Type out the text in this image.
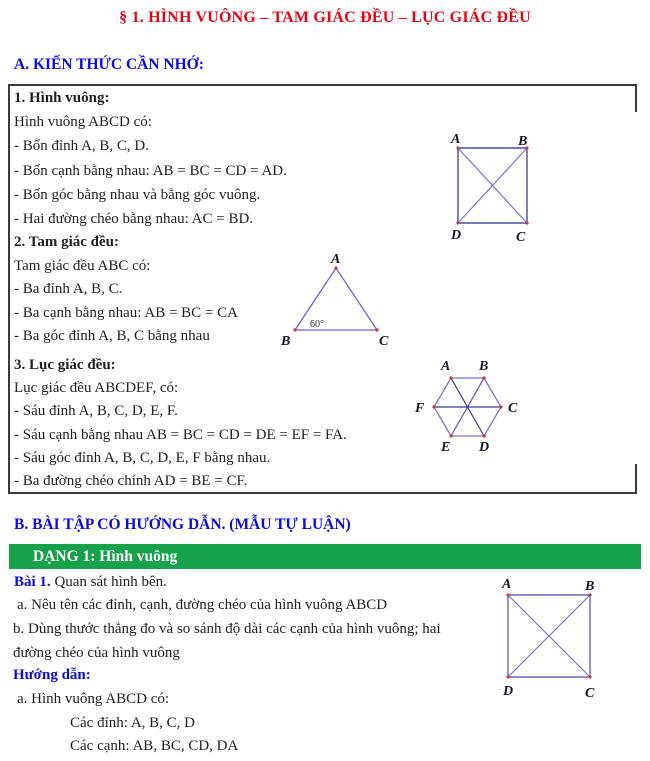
§ 1. HÌNH VUÔNG – TAM GIÁC ĐỀU – LỤC GIÁC ĐỀU
A. KIẾN THỨC CẦN NHỚ:
1. Hình vuông:
Hình vuông ABCD có:
- Bốn đỉnh A, B, C, D.
- Bốn cạnh bằng nhau: AB = BC = CD = AD.
- Bốn góc bằng nhau và bằng góc vuông.
- Hai đường chéo bằng nhau: AC = BD.
2. Tam giác đều:
Tam giác đều ABC có:
- Ba đỉnh A, B, C.
- Ba cạnh bằng nhau: AB = BC = CA
- Ba góc đỉnh A, B, C bằng nhau
3. Lục giác đều:
Lục giác đều ABCDEF, có:
- Sáu đỉnh A, B, C, D, E, F.
- Sáu cạnh bằng nhau AB = BC = CD = DE = EF = FA.
- Sáu góc đỉnh A, B, C, D, E, F bằng nhau.
- Ba đường chéo chính AD = BE = CF.
A	B
D	C
A
B	C
60°
A B
F	C
E D
B. BÀI TẬP CÓ HƯỚNG DẪN. (MẪU TỰ LUẬN)
DẠNG 1: Hình vuông
Bài 1. Quan sát hình bên.
a. Nêu tên các đỉnh, cạnh, đường chéo của hình vuông ABCD
b. Dùng thước thẳng đo và so sánh độ dài các cạnh của hình vuông; hai
đường chéo của hình vuông
A	B
D	C
Hướng dẫn:
a. Hình vuông ABCD có:
Các đỉnh: A, B, C, D
Các cạnh: AB, BC, CD, DA
